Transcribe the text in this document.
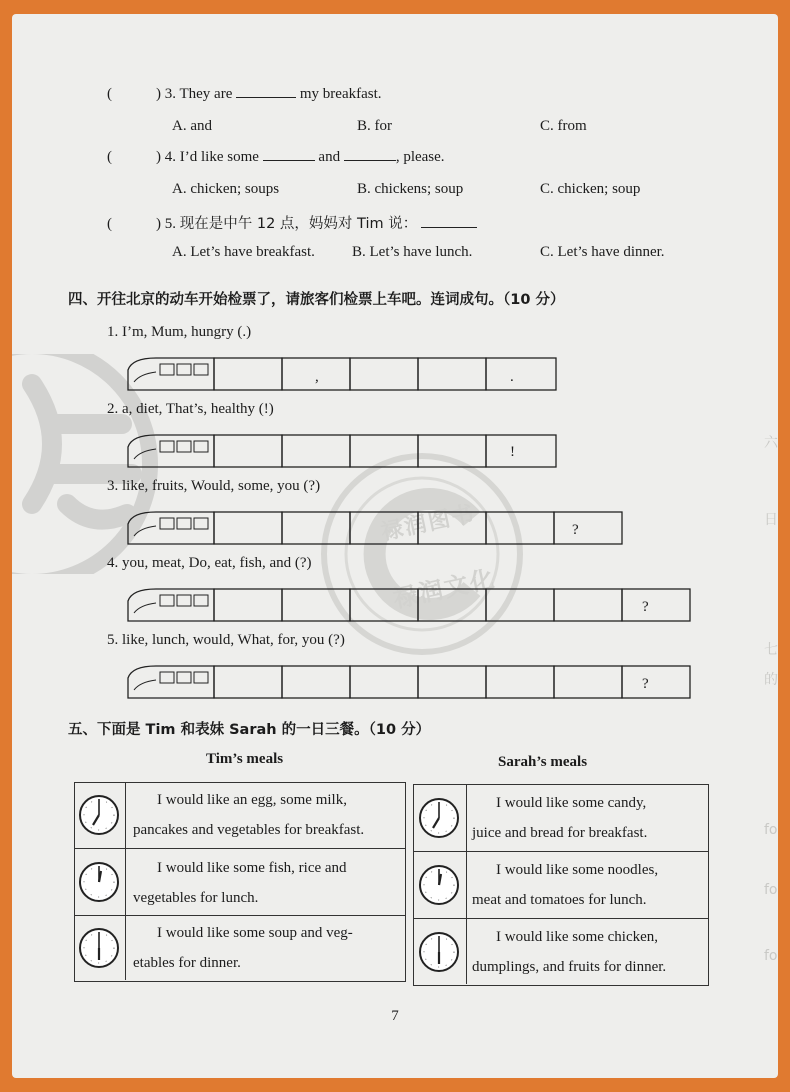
六
日
七
的
fo
fo
fo
禄润图书
禄润文化
(	) 3. They are	my breakfast.
A. and	B. for	C. from
(	) 4. I’d like some	and	, please.
A. chicken; soups	B. chickens; soup	C. chicken; soup
(	) 5. 现在是中午 12 点，妈妈对 Tim 说：
A. Let’s have breakfast. B. Let’s have lunch.	C. Let’s have dinner.
四、开往北京的动车开始检票了，请旅客们检票上车吧。连词成句。（10 分）
1. I’m, Mum, hungry (.)
,	.
2. a, diet, That’s, healthy (!)
!
3. like, fruits, Would, some, you (?)
?
4. you, meat, Do, eat, fish, and (?)
?
5. like, lunch, would, What, for, you (?)
?
五、下面是 Tim 和表妹 Sarah 的一日三餐。（10 分）
Tim’s meals	Sarah’s meals
I would like an egg, some milk,
pancakes and vegetables for breakfast.
I would like some fish, rice and
vegetables for lunch.
I would like some soup and veg-
etables for dinner.
I would like some candy,
juice and bread for breakfast.
I would like some noodles,
meat and tomatoes for lunch.
I would like some chicken,
dumplings, and fruits for dinner.
7
